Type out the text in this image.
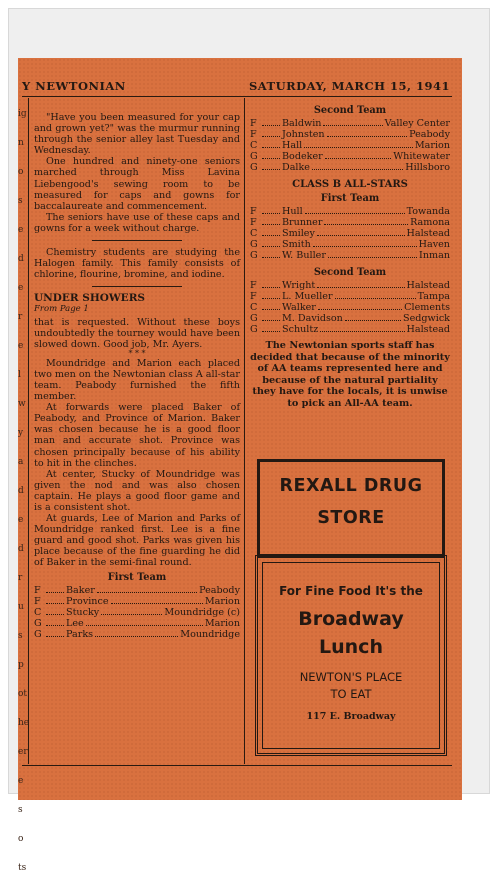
Y NEWTONIAN	SATURDAY, MARCH 15, 1941
ig
n
o
s
e
d
e
r
e
l
w
y
a
d
e
d
r
u
s
p
ot
he
er
e
s
o
ts

"Have you been measured for your cap and grown yet?" was the murmur running through the senior alley last Tuesday and Wednesday.

One hundred and ninety-one seniors marched through Miss Lavina Liebengood's sewing room to be measured for caps and gowns for baccalaureate and commencement.

The seniors have use of these caps and gowns for a week without charge.

Chemistry students are studying the Halogen family. This family consists of chlorine, flourine, bromine, and iodine.

UNDER SHOWERS
From Page 1

that is requested. Without these boys undoubtedly the tourney would have been slowed down. Good job, Mr. Ayers.

* * *

Moundridge and Marion each placed two men on the Newtonian class A all-star team. Peabody furnished the fifth member.

At forwards were placed Baker of Peabody, and Province of Marion. Baker was chosen because he is a good floor man and accurate shot. Province was chosen principally because of his ability to hit in the clinches.

At center, Stucky of Moundridge was given the nod and was also chosen captain. He plays a good floor game and is a consistent shot.

At guards, Lee of Marion and Parks of Moundridge ranked first. Lee is a fine guard and good shot. Parks was given his place because of the fine guarding he did of Baker in the semi-final round.

First Team
F	Baker	Peabody
F	Province	Marion
C	Stucky	Moundridge (c)
G	Lee	Marion
G	Parks	Moundridge
Second Team
F	Baldwin	Valley Center
F	Johnsten	Peabody
C	Hall	Marion
G	Bodeker	Whitewater
G	Dalke	Hillsboro
CLASS B ALL-STARS
First Team
F	Hull	Towanda
F	Brunner	Ramona
C	Smiley	Halstead
G	Smith	Haven
G	W. Buller	Inman
Second Team
F	Wright	Halstead
F	L. Mueller	Tampa
C	Walker	Clements
G	M. Davidson	Sedgwick
G	Schultz	Halstead
The Newtonian sports staff has decided that because of the minority of AA teams represented here and because of the natural partiality they have for the locals, it is unwise to pick an All-AA team.
REXALL DRUG
STORE
For Fine Food It's the
Broadway
Lunch
NEWTON'S PLACE
TO EAT
117 E. Broadway
